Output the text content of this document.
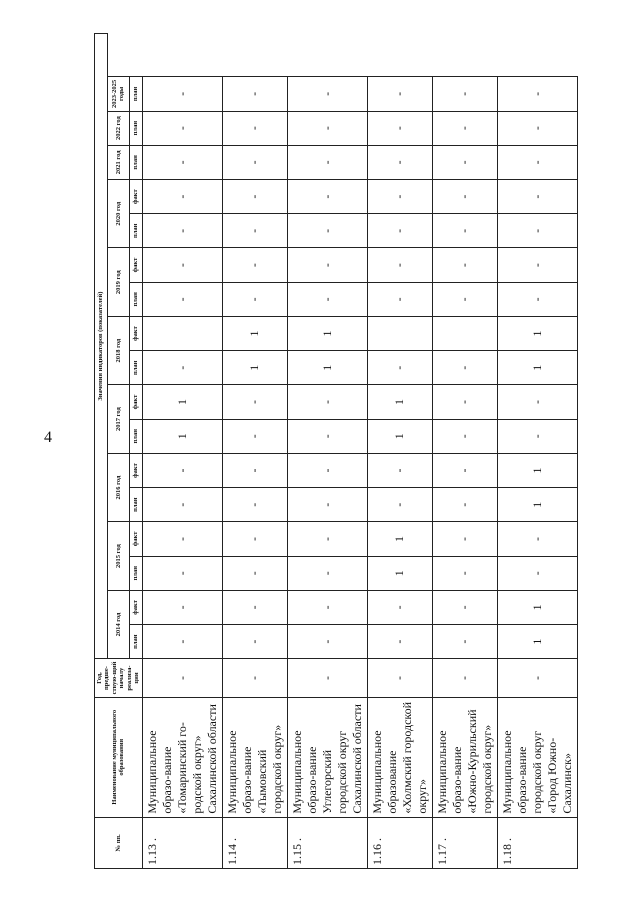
4
№ пп.	Наименование муниципального образования	Год, предше-ствую-щий началу реализа-ции	Значения индикаторов (показателей)																
			2014 год		2015 год		2016 год		2017 год		2018 год		2019 год		2020 год		2021 год	2022 год	2023-2025 годы
			план	факт	план	факт	план	факт	план	факт	план	факт	план	факт	план	факт	план	план	план
1.13 .	Муниципальное образо-вание «Томаринский го-родской округ» Сахалинской области	-	-	-	-	-	-	-	1	1	-		-	-	-	-	-	-	-
1.14 .	Муниципальное образо-вание «Тымовский городской округ»	-	-	-	-	-	-	-	-	-	1	1	-	-	-	-	-	-	-
1.15 .	Муниципальное образо-вание Углегорский городской округ Сахалинской области	-	-	-	-	-	-	-	-	-	1	1	-	-	-	-	-	-	-
1.16 .	Муниципальное образование «Холмский городской округ»	-	-	-	1	1	-	-	1	1	-		-	-	-	-	-	-	-
1.17 .	Муниципальное образо-вание «Южно-Курильский городской округ»	-	-	-	-	-	-	-	-	-	-		-	-	-	-	-	-	-
1.18 .	Муниципальное образо-вание городской округ «Город Южно-Сахалинск»	-	1	1	-	-	1	1	-	-	1	1	-	-	-	-	-	-	-
